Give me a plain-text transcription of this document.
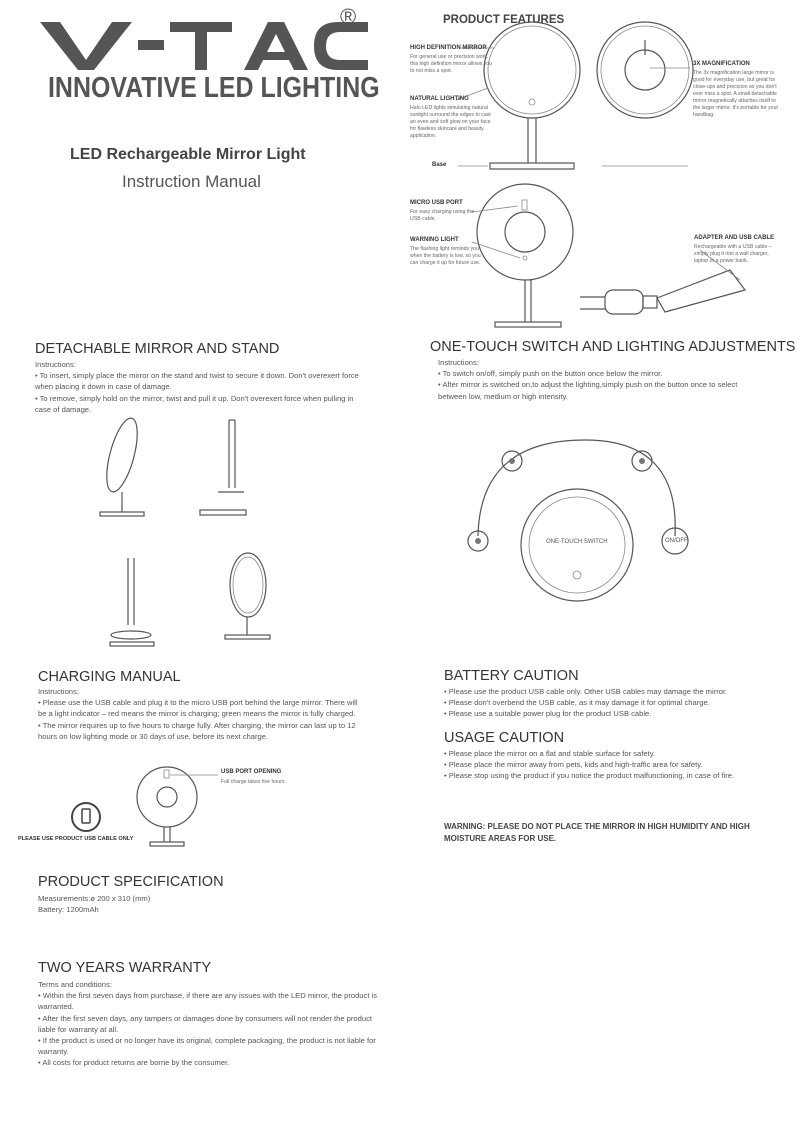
®
INNOVATIVE LED LIGHTING
LED Rechargeable Mirror Light
Instruction Manual
PRODUCT FEATURES
HIGH DEFINITION MIRROR
For general use or precision work, this high definition mirror allows you to not miss a spot.
NATURAL LIGHTING
Halo LED lights simulating natural sunlight surround the edges to cast an even and soft glow on your face for flawless skincare and beauty application.
Base
3X MAGNIFICATION
The 3x magnification large mirror is good for everyday use, but great for close-ups and precision so you don't ever miss a spot. A small detachable mirror magnetically attaches itself to the larger mirror. It's portable for your handbag.
MICRO USB PORT
For easy charging using the USB cable.
WARNING LIGHT
The flashing light reminds you when the battery is low, so you can charge it up for future use.
ADAPTER AND USB CABLE
Rechargeable with a USB cable – simply plug it into a wall charger, laptop or a power bank.
DETACHABLE MIRROR AND STAND

Instructions:

• To insert, simply place the mirror on the stand and twist to secure it down. Don't overexert force when placing it down in case of damage.

• To remove, simply hold on the mirror, twist and pull it up. Don't overexert force when pulling in case of damage.

ONE-TOUCH SWITCH AND LIGHTING ADJUSTMENTS

Instructions:

• To switch on/off, simply push on the button once below the mirror.

• After mirror is switched on,to adjust the lighting,simply push on the button once to select between low, medium or high intensity.

ONE-TOUCH SWITCH	ON/OFF
CHARGING MANUAL

Instructions:

• Please use the USB cable and plug it to the micro USB port behind the large mirror. There will be a light indicator – red means the mirror is charging; green means the mirror is fully charged.

• The mirror requires up to five hours to charge fully. After charging, the mirror can last up to 12 hours on low lighting mode or 30 days of use, before its next charge.

USB PORT OPENING
Full charge takes five hours.
PLEASE USE PRODUCT USB CABLE ONLY
BATTERY CAUTION

• Please use the product USB cable only. Other USB cables may damage the mirror.

• Please don't overbend the USB cable, as it may damage it for optimal charge.

• Please use a suitable power plug for the product USB cable.

USAGE CAUTION

• Please place the mirror on a flat and stable surface for safety.

• Please place the mirror away from pets, kids and high-traffic area for safety.

• Please stop using the product if you notice the product malfunctioning, in case of fire.

WARNING: PLEASE DO NOT PLACE THE MIRROR IN HIGH HUMIDITY AND HIGH MOISTURE AREAS FOR USE.
PRODUCT SPECIFICATION

Measurements:ø 200 x 310 (mm)

Battery: 1200mAh

TWO YEARS WARRANTY

Terms and conditions:

• Within the first seven days from purchase, if there are any issues with the LED mirror, the product is warranted.

• After the first seven days, any tampers or damages done by consumers will not render the product liable for warranty at all.

• If the product is used or no longer have its original, complete packaging, the product is not liable for warranty.

• All costs for product returns are borne by the consumer.
